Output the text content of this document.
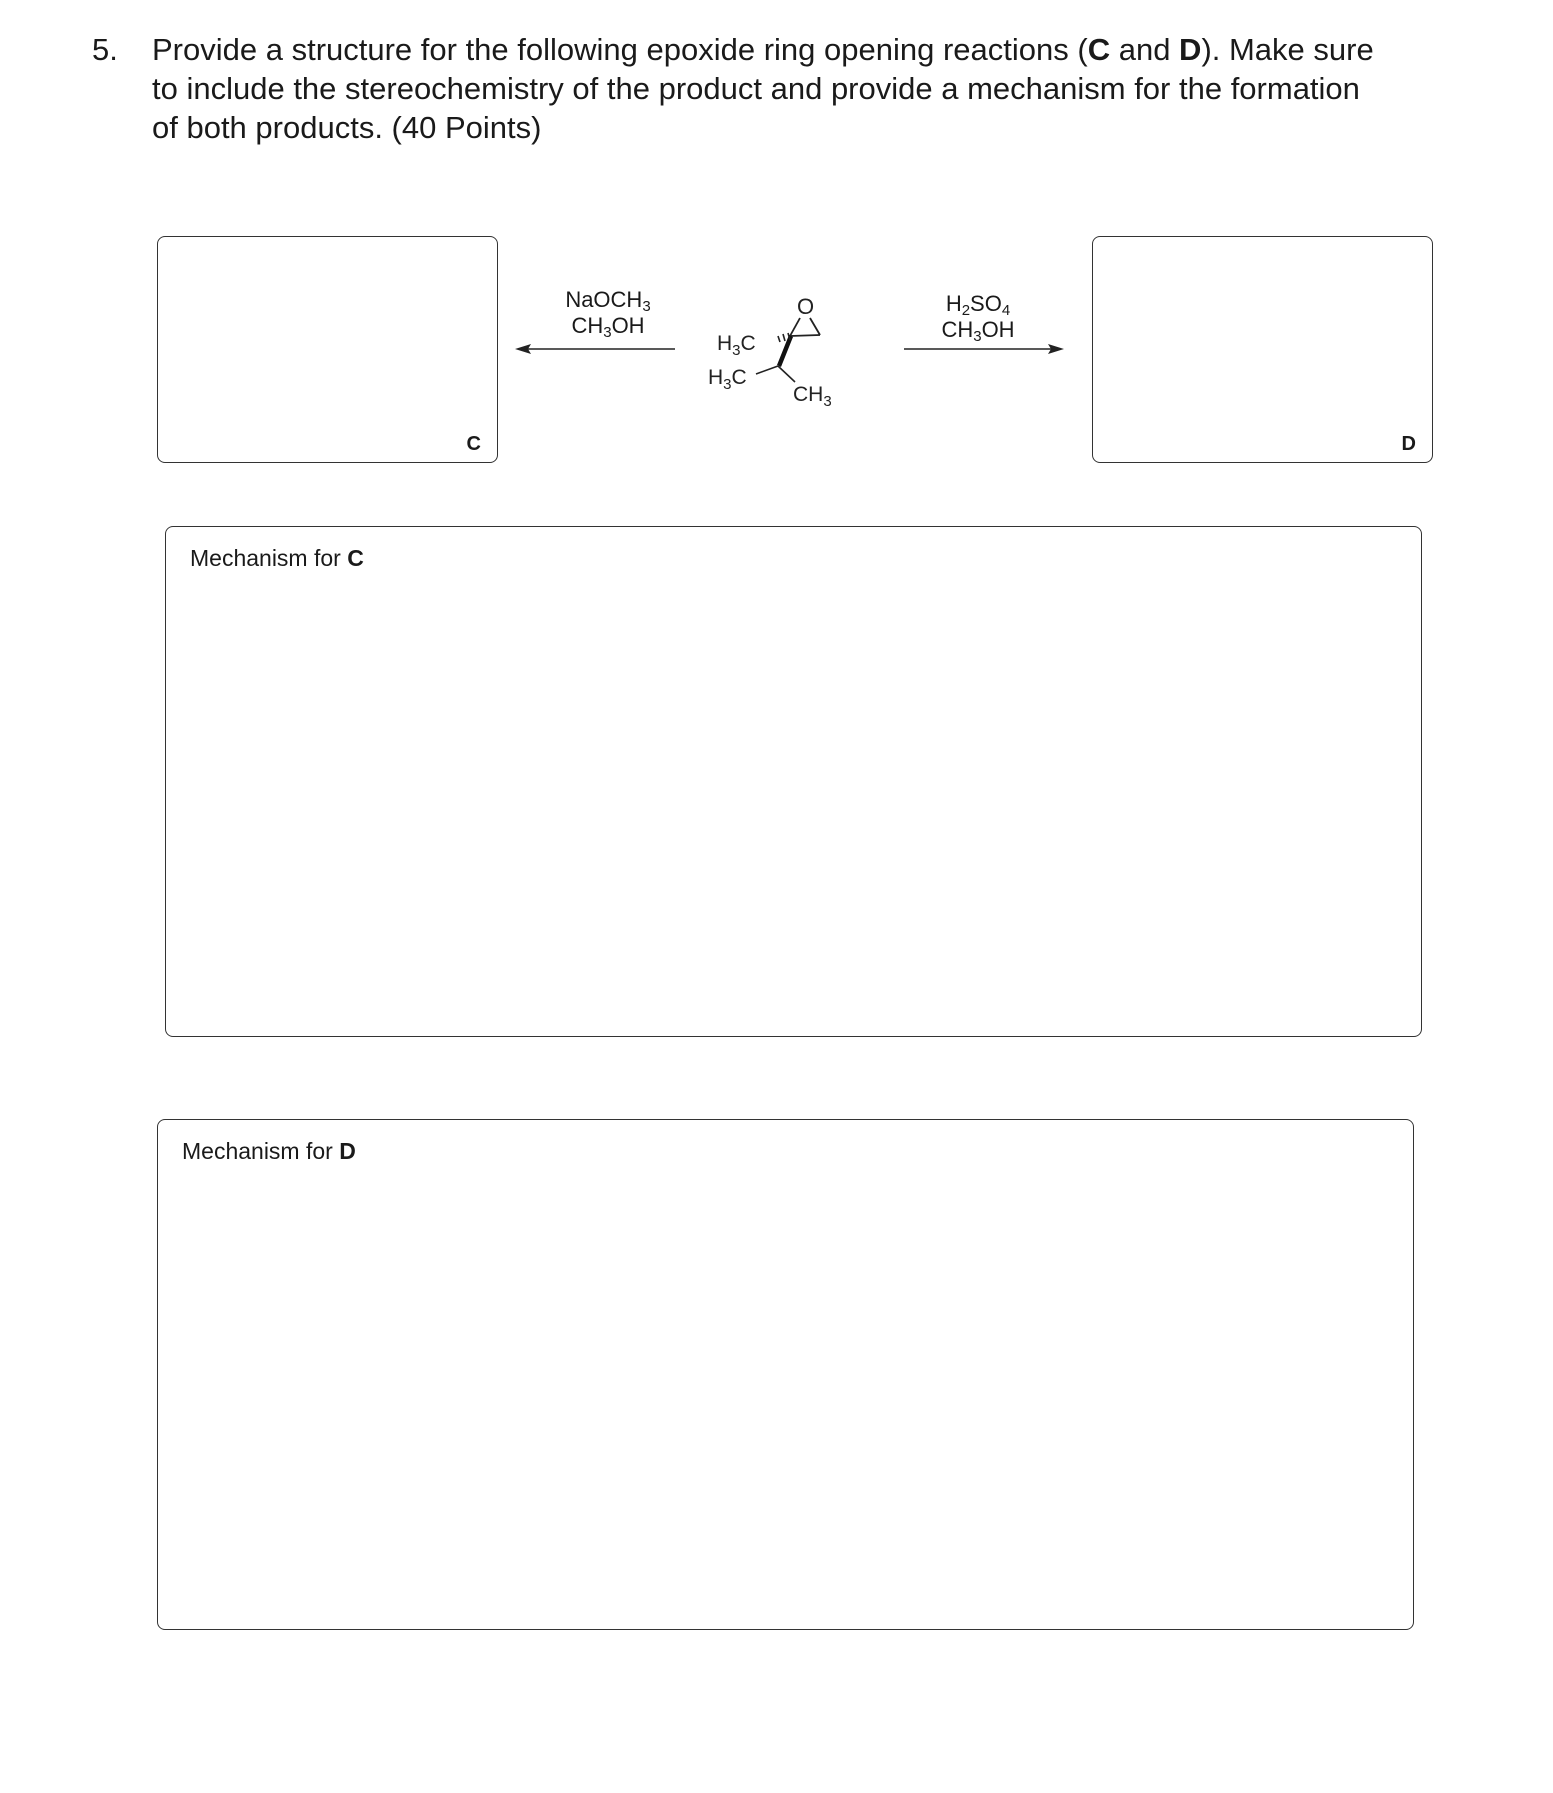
5. Provide a structure for the following epoxide ring opening reactions (C and D). Make sure
to include the stereochemistry of the product and provide a mechanism for the formation
of both products. (40 Points)
C	D
NaOCH$_3$
$CH_3OH$
$H_2SO_4$
$CH_3OH$
O
$H_3C$
$H_3C$
$CH_3$
Mechanism for C
Mechanism for D
